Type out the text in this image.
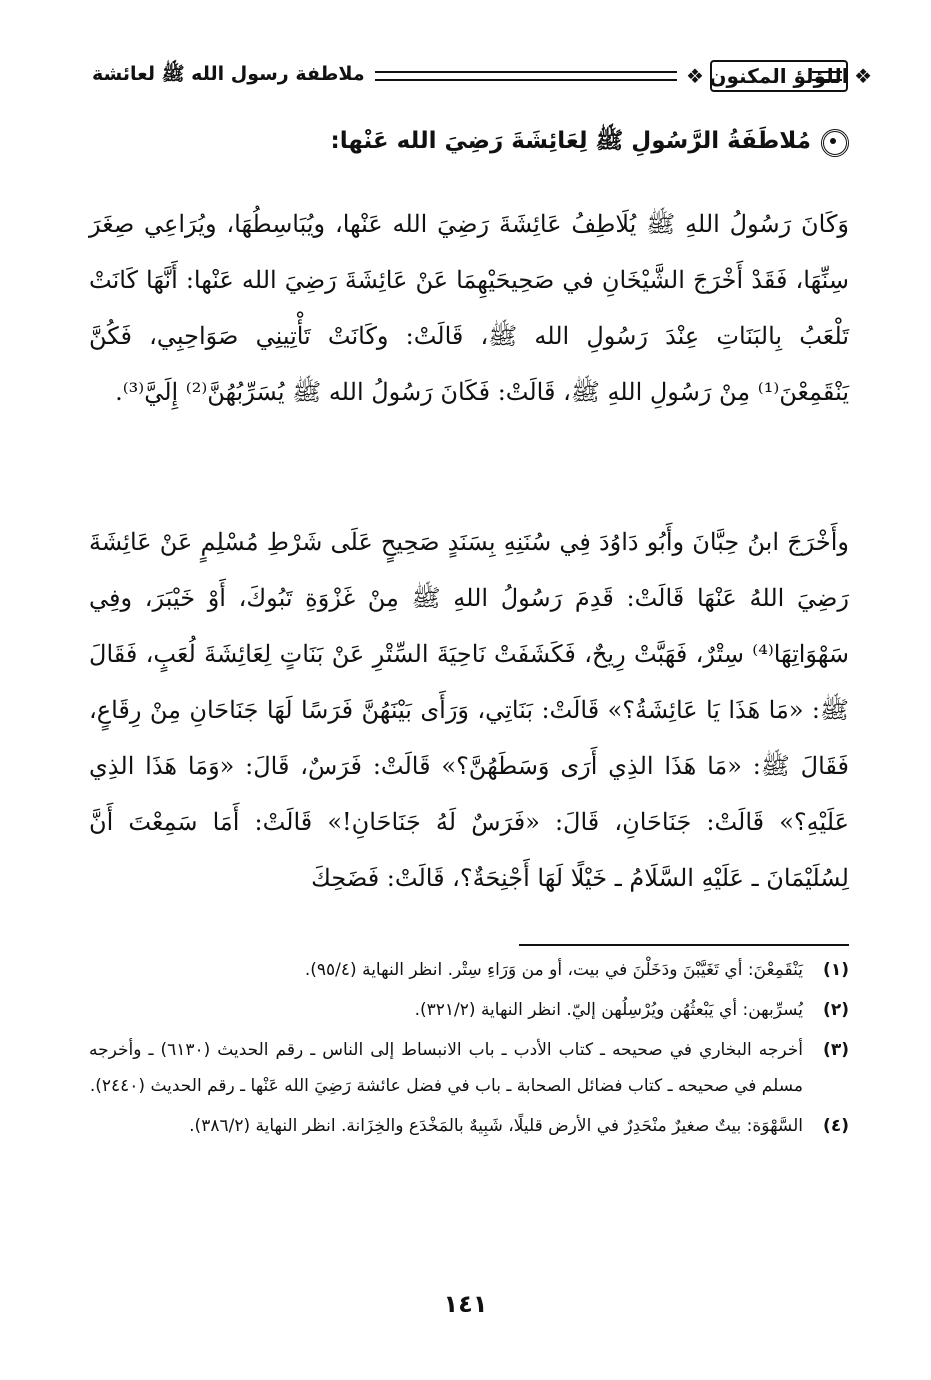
❖	❖
اللؤلؤ المكنون
ملاطفة رسول الله ﷺ لعائشة
مُلاطَفَةُ الرَّسُولِ ﷺ لِعَائِشَةَ رَضِيَ الله عَنْها:
وَكَانَ رَسُولُ اللهِ ﷺ يُلَاطِفُ عَائِشَةَ رَضِيَ الله عَنْها، ويُبَاسِطُهَا، ويُرَاعِي صِغَرَ سِنِّهَا، فَقَدْ أَخْرَجَ الشَّيْخَانِ في صَحِيحَيْهِمَا عَنْ عَائِشَةَ رَضِيَ الله عَنْها: أَنَّهَا كَانَتْ تَلْعَبُ بِالبَنَاتِ عِنْدَ رَسُولِ الله ﷺ، قَالَتْ: وكَانَتْ تَأْتِينِي صَوَاحِبِي، فَكُنَّ يَنْقَمِعْنَ⁽¹⁾ مِنْ رَسُولِ اللهِ ﷺ، قَالَتْ: فَكَانَ رَسُولُ الله ﷺ يُسَرِّبُهُنَّ⁽²⁾ إِلَيَّ⁽³⁾.
وأَخْرَجَ ابنُ حِبَّانَ وأَبُو دَاوُدَ فِي سُنَنِهِ بِسَنَدٍ صَحِيحٍ عَلَى شَرْطِ مُسْلِمٍ عَنْ عَائِشَةَ رَضِيَ اللهُ عَنْهَا قَالَتْ: قَدِمَ رَسُولُ اللهِ ﷺ مِنْ غَزْوَةِ تَبُوكَ، أَوْ خَيْبَرَ، وفِي سَهْوَاتِهَا⁽⁴⁾ سِتْرٌ، فَهَبَّتْ رِيحٌ، فَكَشَفَتْ نَاحِيَةَ السِّتْرِ عَنْ بَنَاتٍ لِعَائِشَةَ لُعَبٍ، فَقَالَ ﷺ: «مَا هَذَا يَا عَائِشَةُ؟» قَالَتْ: بَنَاتِي، وَرَأَى بَيْنَهُنَّ فَرَسًا لَهَا جَنَاحَانِ مِنْ رِقَاعٍ، فَقَالَ ﷺ: «مَا هَذَا الذِي أَرَى وَسَطَهُنَّ؟» قَالَتْ: فَرَسٌ، قَالَ: «وَمَا هَذَا الذِي عَلَيْهِ؟» قَالَتْ: جَنَاحَانِ، قَالَ: «فَرَسٌ لَهُ جَنَاحَانِ!» قَالَتْ: أَمَا سَمِعْتَ أَنَّ لِسُلَيْمَانَ ـ عَلَيْهِ السَّلَامُ ـ خَيْلًا لَهَا أَجْنِحَةٌ؟، قَالَتْ: فَضَحِكَ
(١)
يَنْقَمِعْنَ: أي تَغَيَّبْنَ ودَخَلْنَ في بيت، أو من وَرَاءِ سِتْر. انظر النهاية (٩٥/٤).
(٢)
يُسرِّبهن: أي يَبْعثُهُن ويُرْسِلُهن إليّ. انظر النهاية (٣٢١/٢).
(٣)
أخرجه البخاري في صحيحه ـ كتاب الأدب ـ باب الانبساط إلى الناس ـ رقم الحديث (٦١٣٠) ـ وأخرجه مسلم في صحيحه ـ كتاب فضائل الصحابة ـ باب في فضل عائشة رَضِيَ الله عَنْها ـ رقم الحديث (٢٤٤٠).
(٤)
السَّهْوَة: بيتٌ صغيرٌ منْحَدِرٌ في الأرض قليلًا، شَبِيهٌ بالمَخْدَع والخِزَانة. انظر النهاية (٣٨٦/٢).
١٤١
